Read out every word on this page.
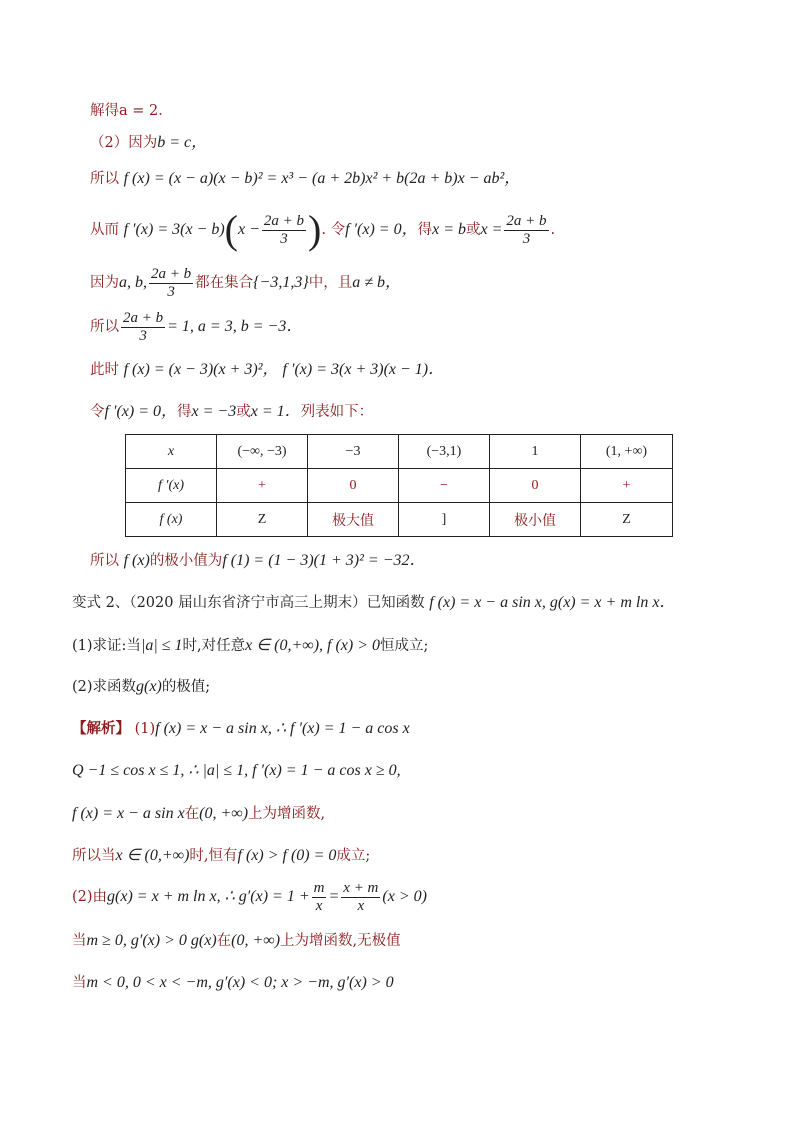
解得a = 2．
（2）因为b = c，
所以 f (x) = (x − a)(x − b)² = x³ − (a + 2b)x² + b(2a + b)x − ab²，
从而 f $'(x) = 3(x - b)(x - \frac{2a + b}{3}$ ). 令f ′(x) = 0，得x = b或$x = \frac{2a + b}{3}$ .
因为a, b, $\frac{2a + b}{3}$ 都在集合{−3,1,3}中，且a ≠ b，
所以 $\frac{2a + b}{3} = 1$, a = 3, b = −3．
此时 f (x) = (x − 3)(x + 3)²， f ′(x) = 3(x + 3)(x − 1)．
令f ′(x) = 0，得x = −3或x = 1．列表如下：
x	(−∞, −3)	−3	(−3,1)	1	(1, +∞)
f ′(x)	+	0	−	0	+
f (x)	Z	极大值	]	极小值	Z
所以 f (x)的极小值为f (1) = (1 − 3)(1 + 3)² = −32．
变式 2、（2020 届山东省济宁市高三上期末）已知函数 f (x) = x − a sin x, g(x) = x + m ln x．
(1)求证:当|a| ≤ 1时,对任意x ∈ (0,+∞), f (x) > 0恒成立;
(2)求函数g(x)的极值;
【解析】 (1)f (x) = x − a sin x, ∴ f ′(x) = 1 − a cos x
Q −1 ≤ cos x ≤ 1, ∴ |a| ≤ 1, f ′(x) = 1 − a cos x ≥ 0,
f (x) = x − a sin x在(0, +∞)上为增函数,
所以当x ∈ (0,+∞)时,恒有f (x) > f (0) = 0成立;
(2)由g(x) = x + m ln x, ∴ $g'(x) = 1 + \frac{m}{x} = \frac{x + m}{x} (x > 0)$
当m ≥ 0, g′(x) > 0 g(x)在(0, +∞)上为增函数,无极值
当m < 0, 0 < x < −m, g′(x) < 0; x > −m, g′(x) > 0
